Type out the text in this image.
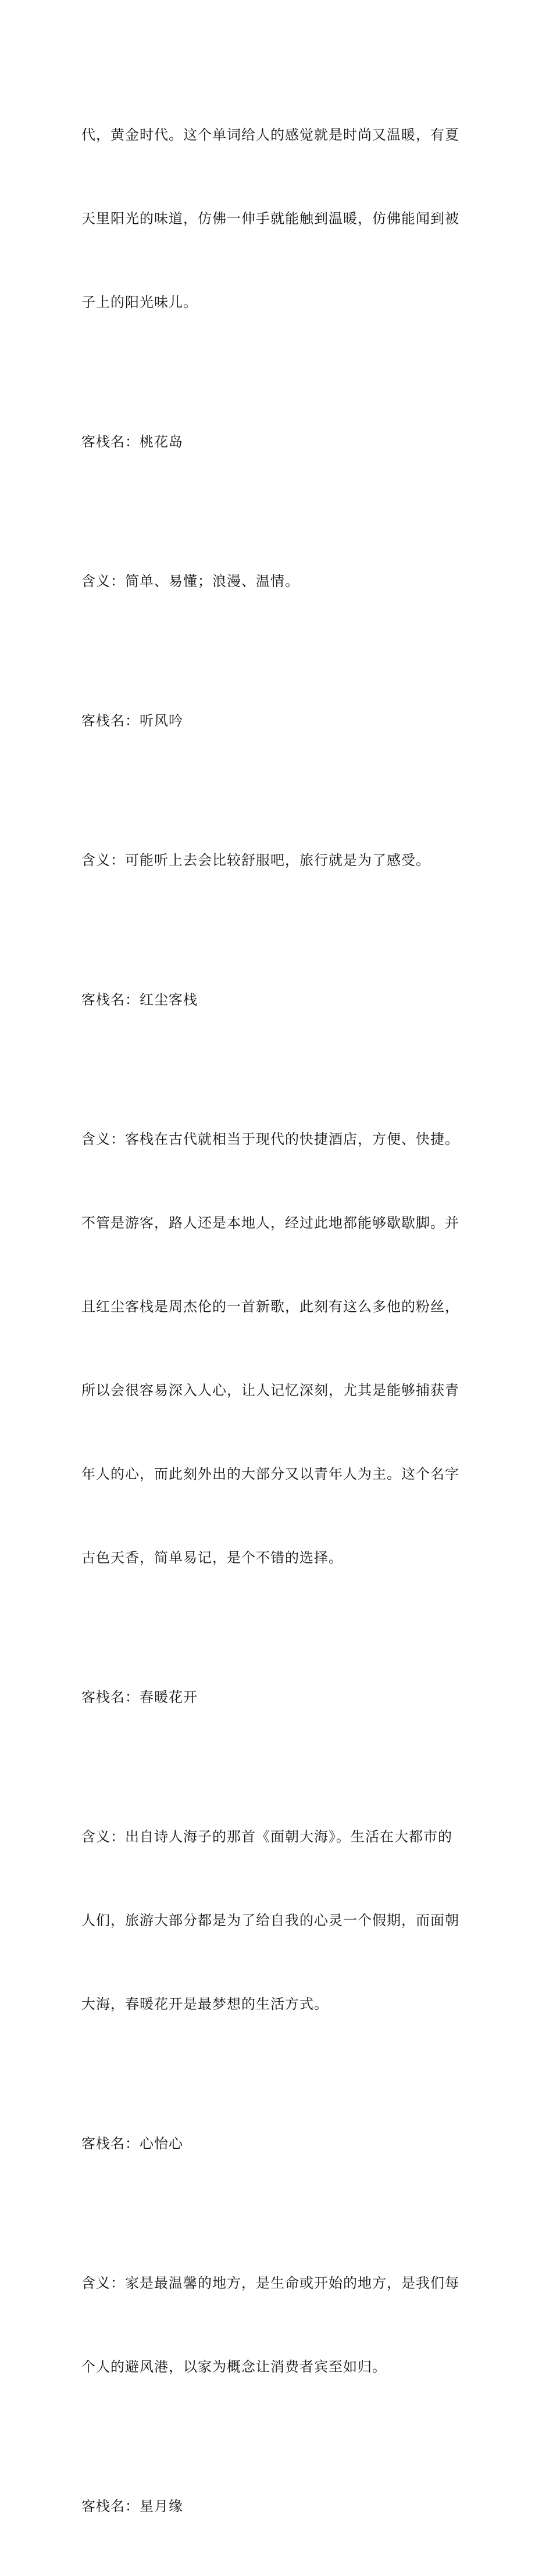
代，黄金时代。这个单词给人的感觉就是时尚又温暖，有夏

天里阳光的味道，仿佛一伸手就能触到温暖，仿佛能闻到被

子上的阳光味儿。

客栈名：桃花岛

含义：简单、易懂；浪漫、温情。

客栈名：听风吟

含义：可能听上去会比较舒服吧，旅行就是为了感受。

客栈名：红尘客栈

含义：客栈在古代就相当于现代的快捷酒店，方便、快捷。

不管是游客，路人还是本地人，经过此地都能够歇歇脚。并

且红尘客栈是周杰伦的一首新歌，此刻有这么多他的粉丝，

所以会很容易深入人心，让人记忆深刻，尤其是能够捕获青

年人的心，而此刻外出的大部分又以青年人为主。这个名字

古色天香，简单易记，是个不错的选择。

客栈名：春暖花开

含义：出自诗人海子的那首《面朝大海》。生活在大都市的

人们，旅游大部分都是为了给自我的心灵一个假期，而面朝

大海，春暖花开是最梦想的生活方式。

客栈名：心怡心

含义：家是最温馨的地方，是生命或开始的地方，是我们每

个人的避风港，以家为概念让消费者宾至如归。

客栈名：星月缘
